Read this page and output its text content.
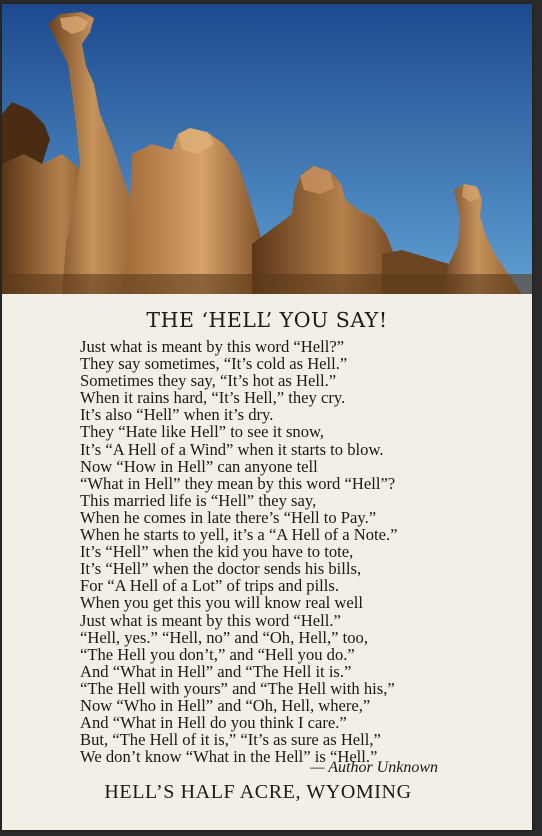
THE ‘HELL’ YOU SAY!
Just what is meant by this word “Hell?”
They say sometimes, “It’s cold as Hell.”
Sometimes they say, “It’s hot as Hell.”
When it rains hard, “It’s Hell,” they cry.
It’s also “Hell” when it’s dry.
They “Hate like Hell” to see it snow,
It’s “A Hell of a Wind” when it starts to blow.
Now “How in Hell” can anyone tell
“What in Hell” they mean by this word “Hell”?
This married life is “Hell” they say,
When he comes in late there’s “Hell to Pay.”
When he starts to yell, it’s a “A Hell of a Note.”
It’s “Hell” when the kid you have to tote,
It’s “Hell” when the doctor sends his bills,
For “A Hell of a Lot” of trips and pills.
When you get this you will know real well
Just what is meant by this word “Hell.”
“Hell, yes.” “Hell, no” and “Oh, Hell,” too,
“The Hell you don’t,” and “Hell you do.”
And “What in Hell” and “The Hell it is.”
“The Hell with yours” and “The Hell with his,”
Now “Who in Hell” and “Oh, Hell, where,”
And “What in Hell do you think I care.”
But, “The Hell of it is,” “It’s as sure as Hell,”
We don’t know “What in the Hell” is “Hell.”
— Author Unknown
HELL’S HALF ACRE, WYOMING
